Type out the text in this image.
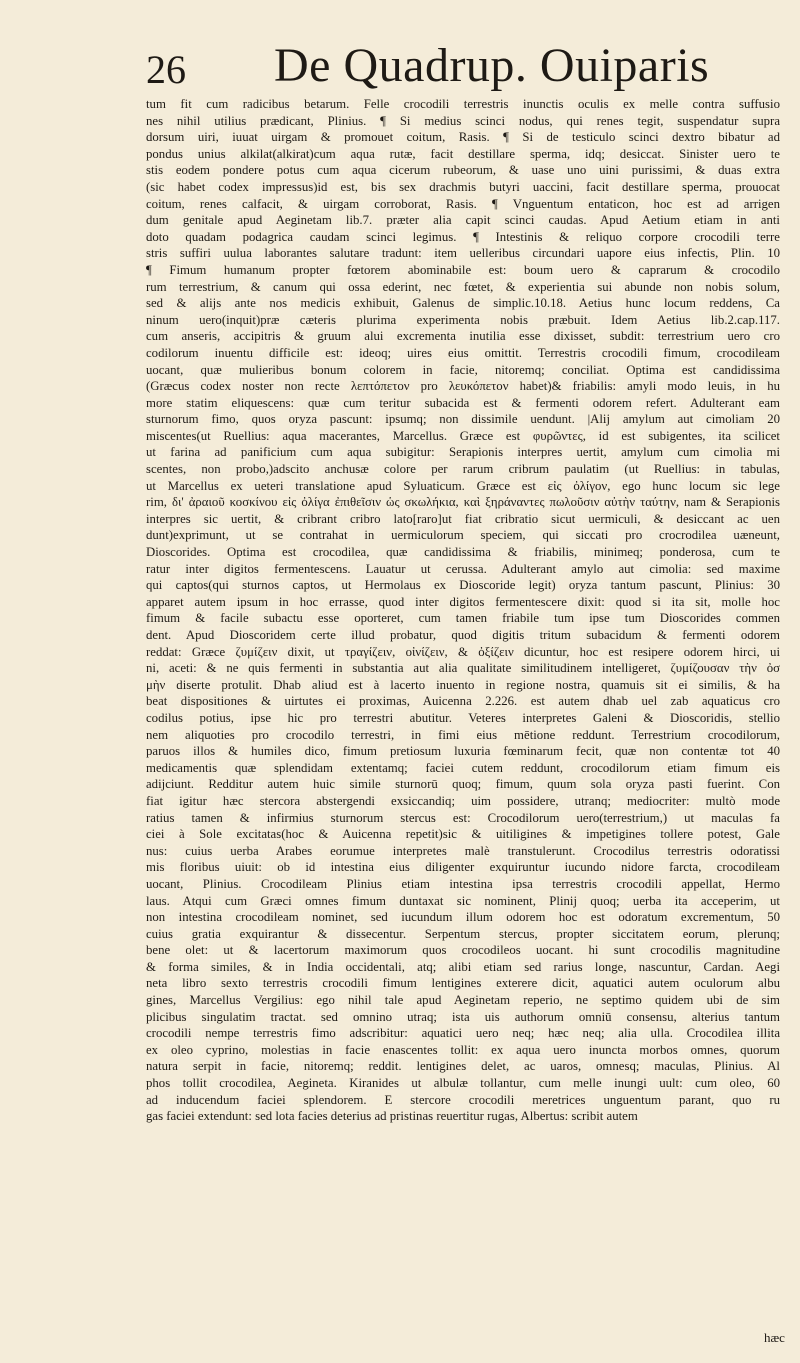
26 De Quadrup. Ouiparis
tum fit cum radicibus betarum. Felle crocodili terrestris inunctis oculis ex melle contra suffusio
nes nihil utilius prædicant, Plinius. ¶ Si medius scinci nodus, qui renes tegit, suspendatur supra
dorsum uiri, iuuat uirgam & promouet coitum, Rasis. ¶ Si de testiculo scinci dextro bibatur ad
pondus unius alkilat(alkirat)cum aqua rutæ, facit destillare sperma, idq; desiccat. Sinister uero te
stis eodem pondere potus cum aqua cicerum rubeorum, & uase uno uini purissimi, & duas extra
(sic habet codex impressus)id est, bis sex drachmis butyri uaccini, facit destillare sperma, prouocat
coitum, renes calfacit, & uirgam corroborat, Rasis. ¶ Vnguentum entaticon, hoc est ad arrigen
dum genitale apud Aeginetam lib.7. præter alia capit scinci caudas. Apud Aetium etiam in anti
doto quadam podagrica caudam scinci legimus. ¶ Intestinis & reliquo corpore crocodili terre
stris suffiri uulua laborantes salutare tradunt: item uelleribus circundari uapore eius infectis, Plin. 10
¶ Fimum humanum propter fœtorem abominabile est: boum uero & caprarum & crocodilo
rum terrestrium, & canum qui ossa ederint, nec fœtet, & experientia sui abunde non nobis solum,
sed & alijs ante nos medicis exhibuit, Galenus de simplic.10.18. Aetius hunc locum reddens, Ca
ninum uero(inquit)præ cæteris plurima experimenta nobis præbuit. Idem Aetius lib.2.cap.117.
cum anseris, accipitris & gruum alui excrementa inutilia esse dixisset, subdit: terrestrium uero cro
codilorum inuentu difficile est: ideoq; uires eius omittit. Terrestris crocodili fimum, crocodileam
uocant, quæ mulieribus bonum colorem in facie, nitoremq; conciliat. Optima est candidissima
(Græcus codex noster non recte λεπτόπετον pro λευκόπετον habet)& friabilis: amyli modo leuis, in hu
more statim eliquescens: quæ cum teritur subacida est & fermenti odorem refert. Adulterant eam
sturnorum fimo, quos oryza pascunt: ipsumq; non dissimile uendunt. |Alij amylum aut cimoliam 20
miscentes(ut Ruellius: aqua macerantes, Marcellus. Græce est φυρῶντες, id est subigentes, ita scilicet
ut farina ad panificium cum aqua subigitur: Serapionis interpres uertit, amylum cum cimolia mi
scentes, non probo,)adscito anchusæ colore per rarum cribrum paulatim (ut Ruellius: in tabulas,
ut Marcellus ex ueteri translatione apud Syluaticum. Græce est εἰς ὀλίγον, ego hunc locum sic lege
rim, δι' ἀραιοῦ κοσκίνου εἰς ὀλίγα ἐπιθεῖσιν ὡς σκωλήκια, καὶ ξηράναντες πωλοῦσιν αὐτὴν ταύτην, nam & Serapionis
interpres sic uertit, & cribrant cribro lato[raro]ut fiat cribratio sicut uermiculi, & desiccant ac uen
dunt)exprimunt, ut se contrahat in uermiculorum speciem, qui siccati pro crocrodilea uæneunt,
Dioscorides. Optima est crocodilea, quæ candidissima & friabilis, minimeq; ponderosa, cum te
ratur inter digitos fermentescens. Lauatur ut cerussa. Adulterant amylo aut cimolia: sed maxime
qui captos(qui sturnos captos, ut Hermolaus ex Dioscoride legit) oryza tantum pascunt, Plinius: 30
apparet autem ipsum in hoc errasse, quod inter digitos fermentescere dixit: quod si ita sit, molle hoc
fimum & facile subactu esse oporteret, cum tamen friabile tum ipse tum Dioscorides commen
dent. Apud Dioscoridem certe illud probatur, quod digitis tritum subacidum & fermenti odorem
reddat: Græce ζυμίζειν dixit, ut τραγίζειν, οἰνίζειν, & ὀξίζειν dicuntur, hoc est resipere odorem hirci, ui
ni, aceti: & ne quis fermenti in substantia aut alia qualitate similitudinem intelligeret, ζυμίζουσαν τὴν ὀσ
μὴν diserte protulit. Dhab aliud est à lacerto inuento in regione nostra, quamuis sit ei similis, & ha
beat dispositiones & uirtutes ei proximas, Auicenna 2.226. est autem dhab uel zab aquaticus cro
codilus potius, ipse hic pro terrestri abutitur. Veteres interpretes Galeni & Dioscoridis, stellio
nem aliquoties pro crocodilo terrestri, in fimi eius mētione reddunt. Terrestrium crocodilorum,
paruos illos & humiles dico, fimum pretiosum luxuria fœminarum fecit, quæ non contentæ tot 40
medicamentis quæ splendidam extentamq; faciei cutem reddunt, crocodilorum etiam fimum eis
adijciunt. Redditur autem huic simile sturnorū quoq; fimum, quum sola oryza pasti fuerint. Con
fiat igitur hæc stercora abstergendi exsiccandiq; uim possidere, utranq; mediocriter: multò mode
ratius tamen & infirmius sturnorum stercus est: Crocodilorum uero(terrestrium,) ut maculas fa
ciei à Sole excitatas(hoc & Auicenna repetit)sic & uitiligines & impetigines tollere potest, Gale
nus: cuius uerba Arabes eorumue interpretes malè transtulerunt. Crocodilus terrestris odoratissi
mis floribus uiuit: ob id intestina eius diligenter exquiruntur iucundo nidore farcta, crocodileam
uocant, Plinius. Crocodileam Plinius etiam intestina ipsa terrestris crocodili appellat, Hermo
laus. Atqui cum Græci omnes fimum duntaxat sic nominent, Plinij quoq; uerba ita acceperim, ut
non intestina crocodileam nominet, sed iucundum illum odorem hoc est odoratum excrementum, 50
cuius gratia exquirantur & dissecentur. Serpentum stercus, propter siccitatem eorum, plerunq;
bene olet: ut & lacertorum maximorum quos crocodileos uocant. hi sunt crocodilis magnitudine
& forma similes, & in India occidentali, atq; alibi etiam sed rarius longe, nascuntur, Cardan. Aegi
neta libro sexto terrestris crocodili fimum lentigines exterere dicit, aquatici autem oculorum albu
gines, Marcellus Vergilius: ego nihil tale apud Aeginetam reperio, ne septimo quidem ubi de sim
plicibus singulatim tractat. sed omnino utraq; ista uis authorum omniū consensu, alterius tantum
crocodili nempe terrestris fimo adscribitur: aquatici uero neq; hæc neq; alia ulla. Crocodilea illita
ex oleo cyprino, molestias in facie enascentes tollit: ex aqua uero inuncta morbos omnes, quorum
natura serpit in facie, nitoremq; reddit. lentigines delet, ac uaros, omnesq; maculas, Plinius. Al
phos tollit crocodilea, Aegineta. Kiranides ut albulæ tollantur, cum melle inungi uult: cum oleo, 60
ad inducendum faciei splendorem. E stercore crocodili meretrices unguentum parant, quo ru
gas faciei extendunt: sed lota facies deterius ad pristinas reuertitur rugas, Albertus: scribit autem
hæc
